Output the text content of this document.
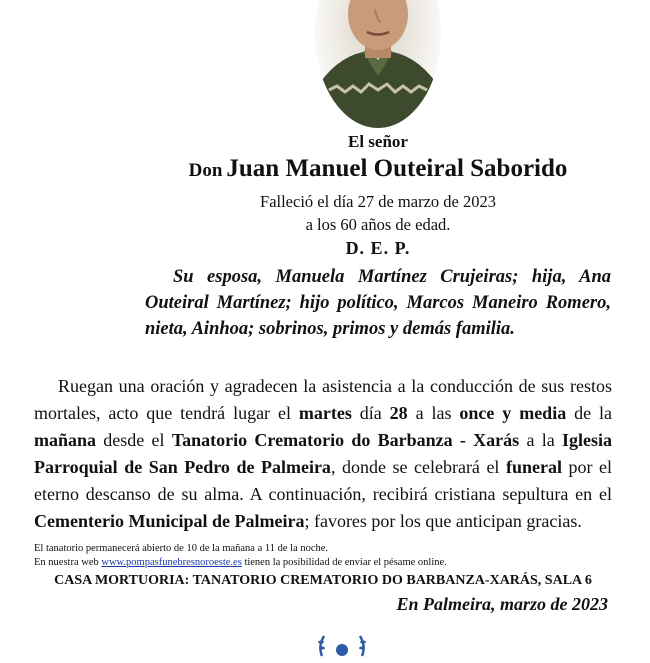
El señor
Don Juan Manuel Outeiral Saborido
Falleció el día 27 de marzo de 2023
a los 60 años de edad.
D. E. P.

Su esposa, Manuela Martínez Crujeiras; hija, Ana Outeiral Martínez; hijo político, Marcos Maneiro Romero, nieta, Ainhoa; sobrinos, primos y demás familia.

Ruegan una oración y agradecen la asistencia a la conducción de sus restos mortales, acto que tendrá lugar el martes día 28 a las once y media de la mañana desde el Tanatorio Crematorio do Barbanza - Xarás a la Iglesia Parroquial de San Pedro de Palmeira, donde se celebrará el funeral por el eterno descanso de su alma. A continuación, recibirá cristiana sepultura en el Cementerio Municipal de Palmeira; favores por los que anticipan gracias.

El tanatorio permanecerá abierto de 10 de la mañana a 11 de la noche.
En nuestra web www.pompasfunebresnoroeste.es tienen la posibilidad de enviar el pésame online.
CASA MORTUORIA: TANATORIO CREMATORIO DO BARBANZA-XARÁS, SALA 6
En Palmeira, marzo de 2023
